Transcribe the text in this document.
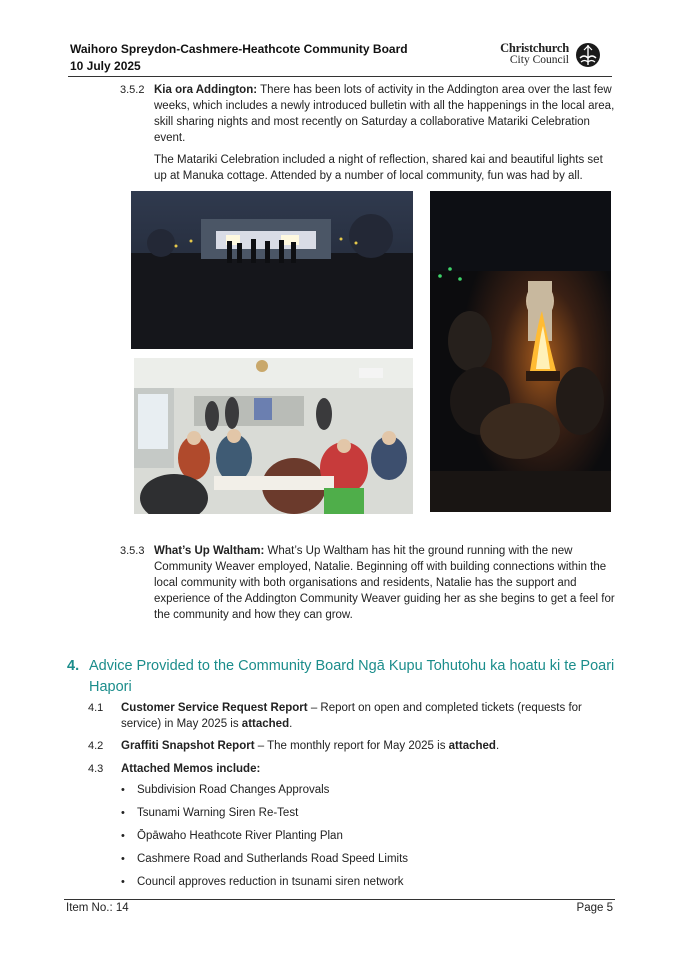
Waihoro Spreydon-Cashmere-Heathcote Community Board
10 July 2025
Christchurch
City Council
3.5.2 Kia ora Addington: There has been lots of activity in the Addington area over the last few weeks, which includes a newly introduced bulletin with all the happenings in the local area, skill sharing nights and most recently on Saturday a collaborative Matariki Celebration event.
The Matariki Celebration included a night of reflection, shared kai and beautiful lights set up at Manuka cottage. Attended by a number of local community, fun was had by all.
3.5.3 What’s Up Waltham: What’s Up Waltham has hit the ground running with the new Community Weaver employed, Natalie. Beginning off with building connections within the local community with both organisations and residents, Natalie has the support and experience of the Addington Community Weaver guiding her as she begins to get a feel for the community and how they can grow.
4. Advice Provided to the Community Board Ngā Kupu Tohutohu ka hoatu ki te Poari Hapori
4.1 Customer Service Request Report – Report on open and completed tickets (requests for service) in May 2025 is attached.
4.2 Graffiti Snapshot Report – The monthly report for May 2025 is attached.
4.3 Attached Memos include:
• Subdivision Road Changes Approvals
• Tsunami Warning Siren Re-Test
• Ōpāwaho Heathcote River Planting Plan
• Cashmere Road and Sutherlands Road Speed Limits
• Council approves reduction in tsunami siren network
Item No.: 14	Page 5
